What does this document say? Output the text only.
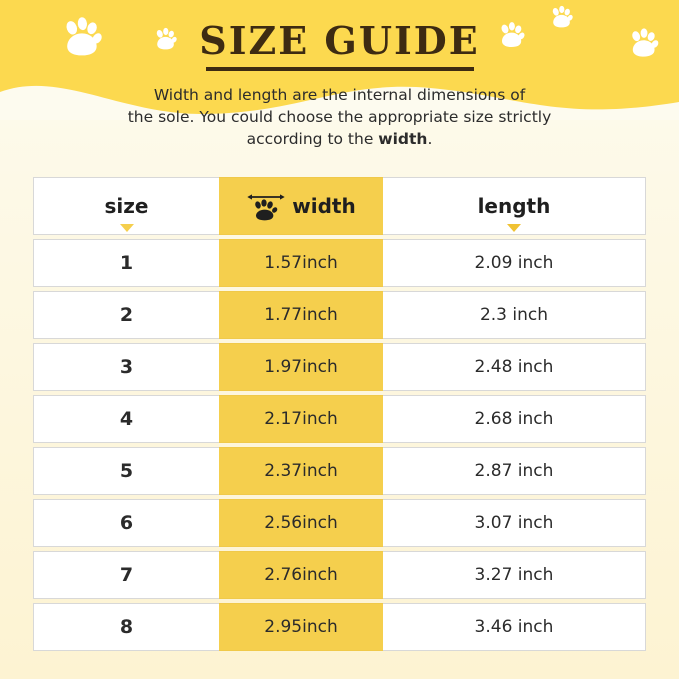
SIZE GUIDE
Width and length are the internal dimensions of
the sole. You could choose the appropriate size strictly
according to the width.
size	width	length

1	1.57inch	2.09 inch
2	1.77inch	2.3 inch
3	1.97inch	2.48 inch
4	2.17inch	2.68 inch
5	2.37inch	2.87 inch
6	2.56inch	3.07 inch
7	2.76inch	3.27 inch
8	2.95inch	3.46 inch
